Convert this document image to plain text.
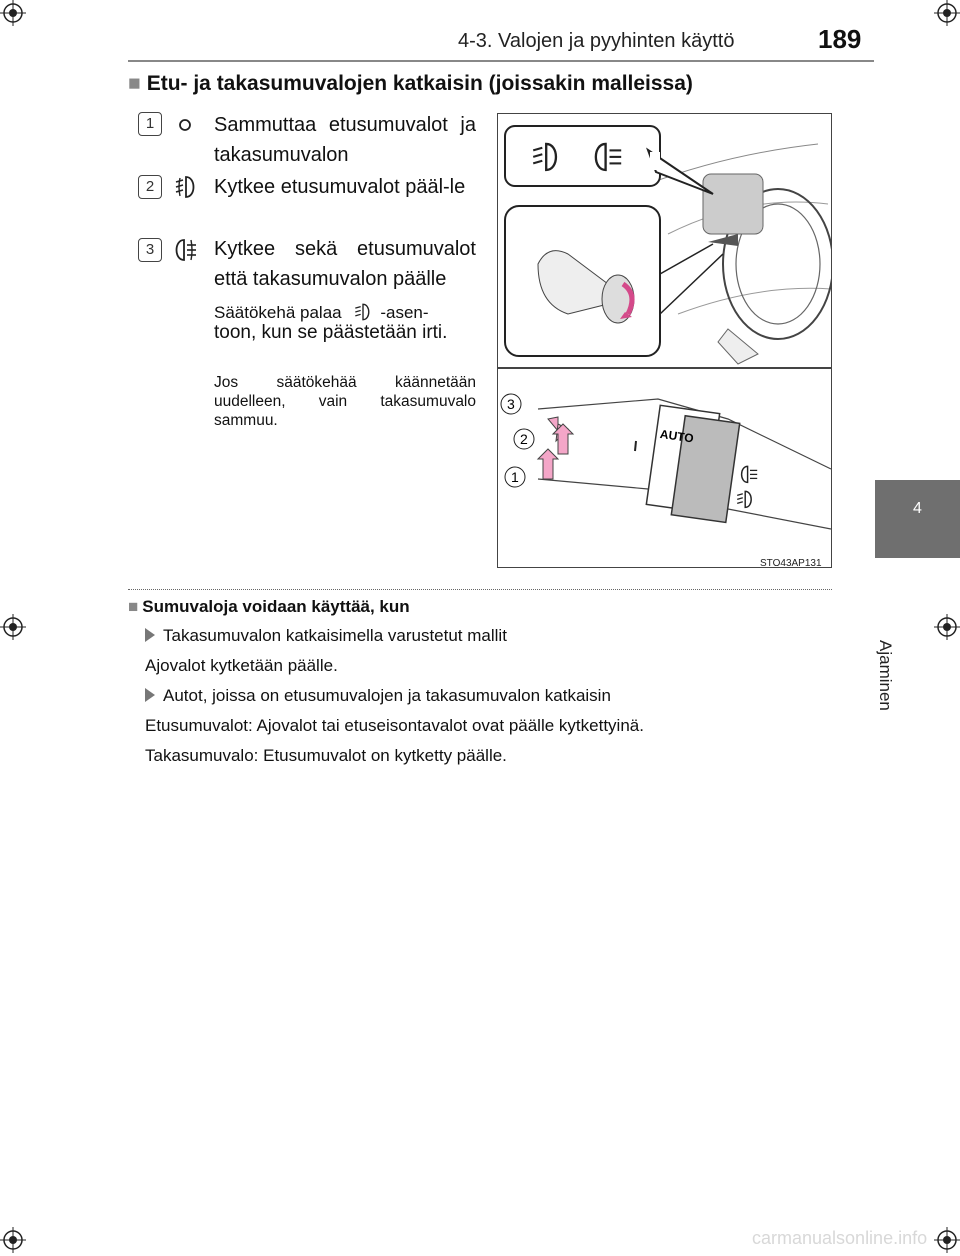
4-3. Valojen ja pyyhinten käyttö	189
4
Ajaminen
■ Etu- ja takasumuvalojen katkaisin (joissakin malleissa)
1	Sammuttaa etusumuvalot ja takasumuvalon
2	Kytkee etusumuvalot pääl-le
3	Kytkee sekä etusumuvalot että takasumuvalon päälle
Säätökehä palaa -asen-
toon, kun se päästetään irti.
Jos säätökehää käännetään uudelleen, vain takasumuvalo sammuu.
AUTO
3
2
1
STO43AP131
■ Sumuvaloja voidaan käyttää, kun
Takasumuvalon katkaisimella varustetut mallit
Ajovalot kytketään päälle.
Autot, joissa on etusumuvalojen ja takasumuvalon katkaisin
Etusumuvalot: Ajovalot tai etuseisontavalot ovat päälle kytkettyinä.
Takasumuvalo: Etusumuvalot on kytketty päälle.
carmanualsonline.info
